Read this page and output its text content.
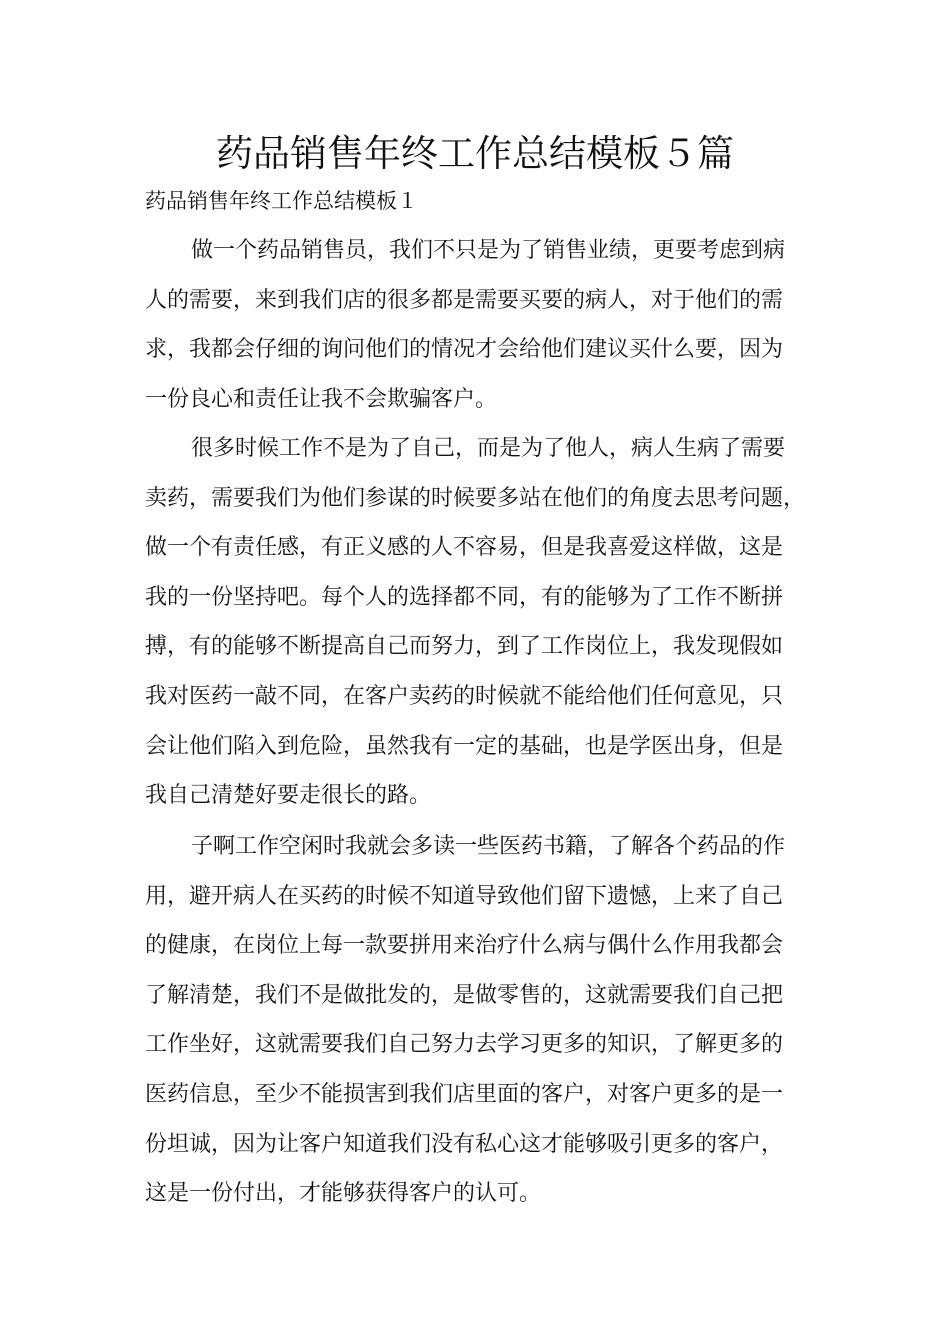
药品销售年终工作总结模板５篇

药品销售年终工作总结模板１

做一个药品销售员，我们不只是为了销售业绩，更要考虑到病
人的需要，来到我们店的很多都是需要买要的病人，对于他们的需
求，我都会仔细的询问他们的情况才会给他们建议买什么要，因为
一份良心和责任让我不会欺骗客户。
很多时候工作不是为了自己，而是为了他人，病人生病了需要
卖药，需要我们为他们参谋的时候要多站在他们的角度去思考问题，
做一个有责任感，有正义感的人不容易，但是我喜爱这样做，这是
我的一份坚持吧。每个人的选择都不同，有的能够为了工作不断拼
搏，有的能够不断提高自己而努力，到了工作岗位上，我发现假如
我对医药一敲不同，在客户卖药的时候就不能给他们任何意见，只
会让他们陷入到危险，虽然我有一定的基础，也是学医出身，但是
我自己清楚好要走很长的路。
子啊工作空闲时我就会多读一些医药书籍，了解各个药品的作
用，避开病人在买药的时候不知道导致他们留下遗憾，上来了自己
的健康，在岗位上每一款要拼用来治疗什么病与偶什么作用我都会
了解清楚，我们不是做批发的，是做零售的，这就需要我们自己把
工作坐好，这就需要我们自己努力去学习更多的知识，了解更多的
医药信息，至少不能损害到我们店里面的客户，对客户更多的是一
份坦诚，因为让客户知道我们没有私心这才能够吸引更多的客户，
这是一份付出，才能够获得客户的认可。
